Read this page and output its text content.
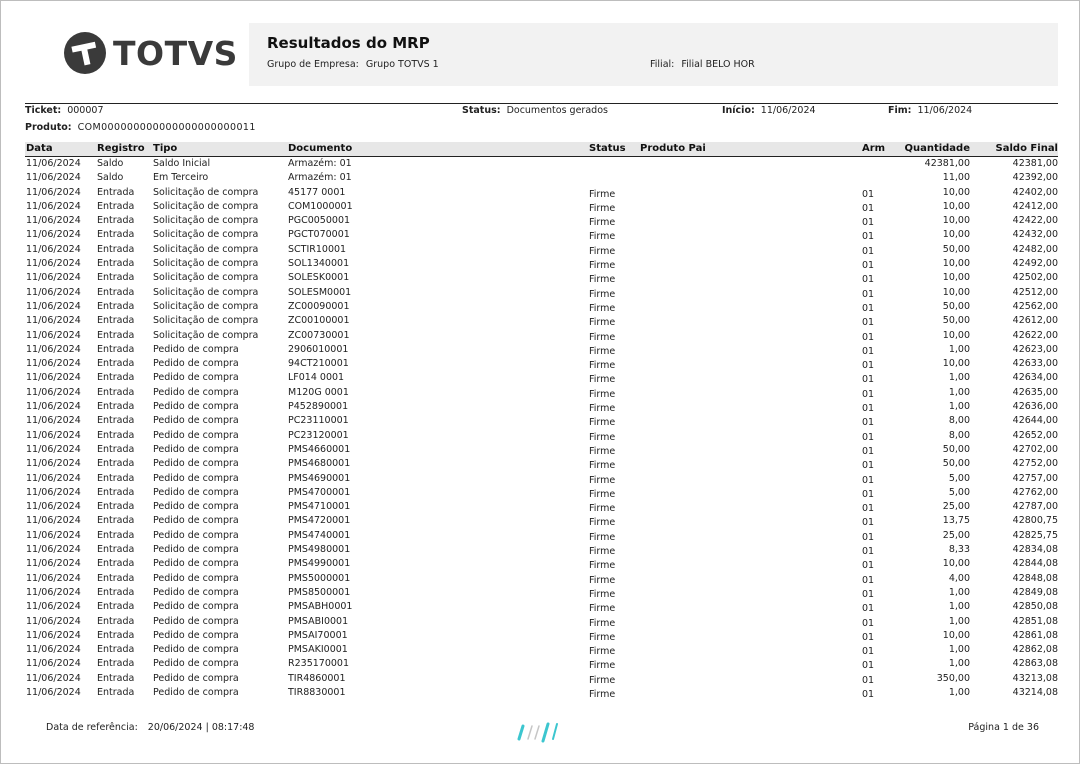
TOTVS Resultados do MRP
Grupo de Empresa: Grupo TOTVS 1	Filial: Filial BELO HOR
Ticket: 000007	Status: Documentos gerados	Início: 11/06/2024	Fim: 11/06/2024
Produto: COM000000000000000000000011
Data	Registro Tipo	Documento	Status Produto Pai	Arm Quantidade	Saldo Final
11/06/2024 Saldo	Saldo Inicial	Armazém: 01	42381,00	42381,00
11/06/2024 Saldo	Em Terceiro	Armazém: 01	11,00	42392,00
11/06/2024 Entrada Solicitação de compra	45177 0001	Firme	01	10,00	42402,00
11/06/2024 Entrada Solicitação de compra	COM1000001	Firme	01	10,00	42412,00
11/06/2024 Entrada Solicitação de compra	PGC0050001	Firme	01	10,00	42422,00
11/06/2024 Entrada Solicitação de compra	PGCT070001	Firme	01	10,00	42432,00
11/06/2024 Entrada Solicitação de compra	SCTIR10001	Firme	01	50,00	42482,00
11/06/2024 Entrada Solicitação de compra	SOL1340001	Firme	01	10,00	42492,00
11/06/2024 Entrada Solicitação de compra	SOLESK0001	Firme	01	10,00	42502,00
11/06/2024 Entrada Solicitação de compra	SOLESM0001	Firme	01	10,00	42512,00
11/06/2024 Entrada Solicitação de compra	ZC00090001	Firme	01	50,00	42562,00
11/06/2024 Entrada Solicitação de compra	ZC00100001	Firme	01	50,00	42612,00
11/06/2024 Entrada Solicitação de compra	ZC00730001	Firme	01	10,00	42622,00
11/06/2024 Entrada Pedido de compra	2906010001	Firme	01	1,00	42623,00
11/06/2024 Entrada Pedido de compra	94CT210001	Firme	01	10,00	42633,00
11/06/2024 Entrada Pedido de compra	LF014 0001	Firme	01	1,00	42634,00
11/06/2024 Entrada Pedido de compra	M120G 0001	Firme	01	1,00	42635,00
11/06/2024 Entrada Pedido de compra	P452890001	Firme	01	1,00	42636,00
11/06/2024 Entrada Pedido de compra	PC23110001	Firme	01	8,00	42644,00
11/06/2024 Entrada Pedido de compra	PC23120001	Firme	01	8,00	42652,00
11/06/2024 Entrada Pedido de compra	PMS4660001	Firme	01	50,00	42702,00
11/06/2024 Entrada Pedido de compra	PMS4680001	Firme	01	50,00	42752,00
11/06/2024 Entrada Pedido de compra	PMS4690001	Firme	01	5,00	42757,00
11/06/2024 Entrada Pedido de compra	PMS4700001	Firme	01	5,00	42762,00
11/06/2024 Entrada Pedido de compra	PMS4710001	Firme	01	25,00	42787,00
11/06/2024 Entrada Pedido de compra	PMS4720001	Firme	01	13,75	42800,75
11/06/2024 Entrada Pedido de compra	PMS4740001	Firme	01	25,00	42825,75
11/06/2024 Entrada Pedido de compra	PMS4980001	Firme	01	8,33	42834,08
11/06/2024 Entrada Pedido de compra	PMS4990001	Firme	01	10,00	42844,08
11/06/2024 Entrada Pedido de compra	PMS5000001	Firme	01	4,00	42848,08
11/06/2024 Entrada Pedido de compra	PMS8500001	Firme	01	1,00	42849,08
11/06/2024 Entrada Pedido de compra	PMSABH0001	Firme	01	1,00	42850,08
11/06/2024 Entrada Pedido de compra	PMSABI0001	Firme	01	1,00	42851,08
11/06/2024 Entrada Pedido de compra	PMSAI70001	Firme	01	10,00	42861,08
11/06/2024 Entrada Pedido de compra	PMSAKI0001	Firme	01	1,00	42862,08
11/06/2024 Entrada Pedido de compra	R235170001	Firme	01	1,00	42863,08
11/06/2024 Entrada Pedido de compra	TIR4860001	Firme	01	350,00	43213,08
11/06/2024 Entrada Pedido de compra	TIR8830001	Firme	01	1,00	43214,08
Data de referência: 20/06/2024 | 08:17:48	Página 1 de 36
